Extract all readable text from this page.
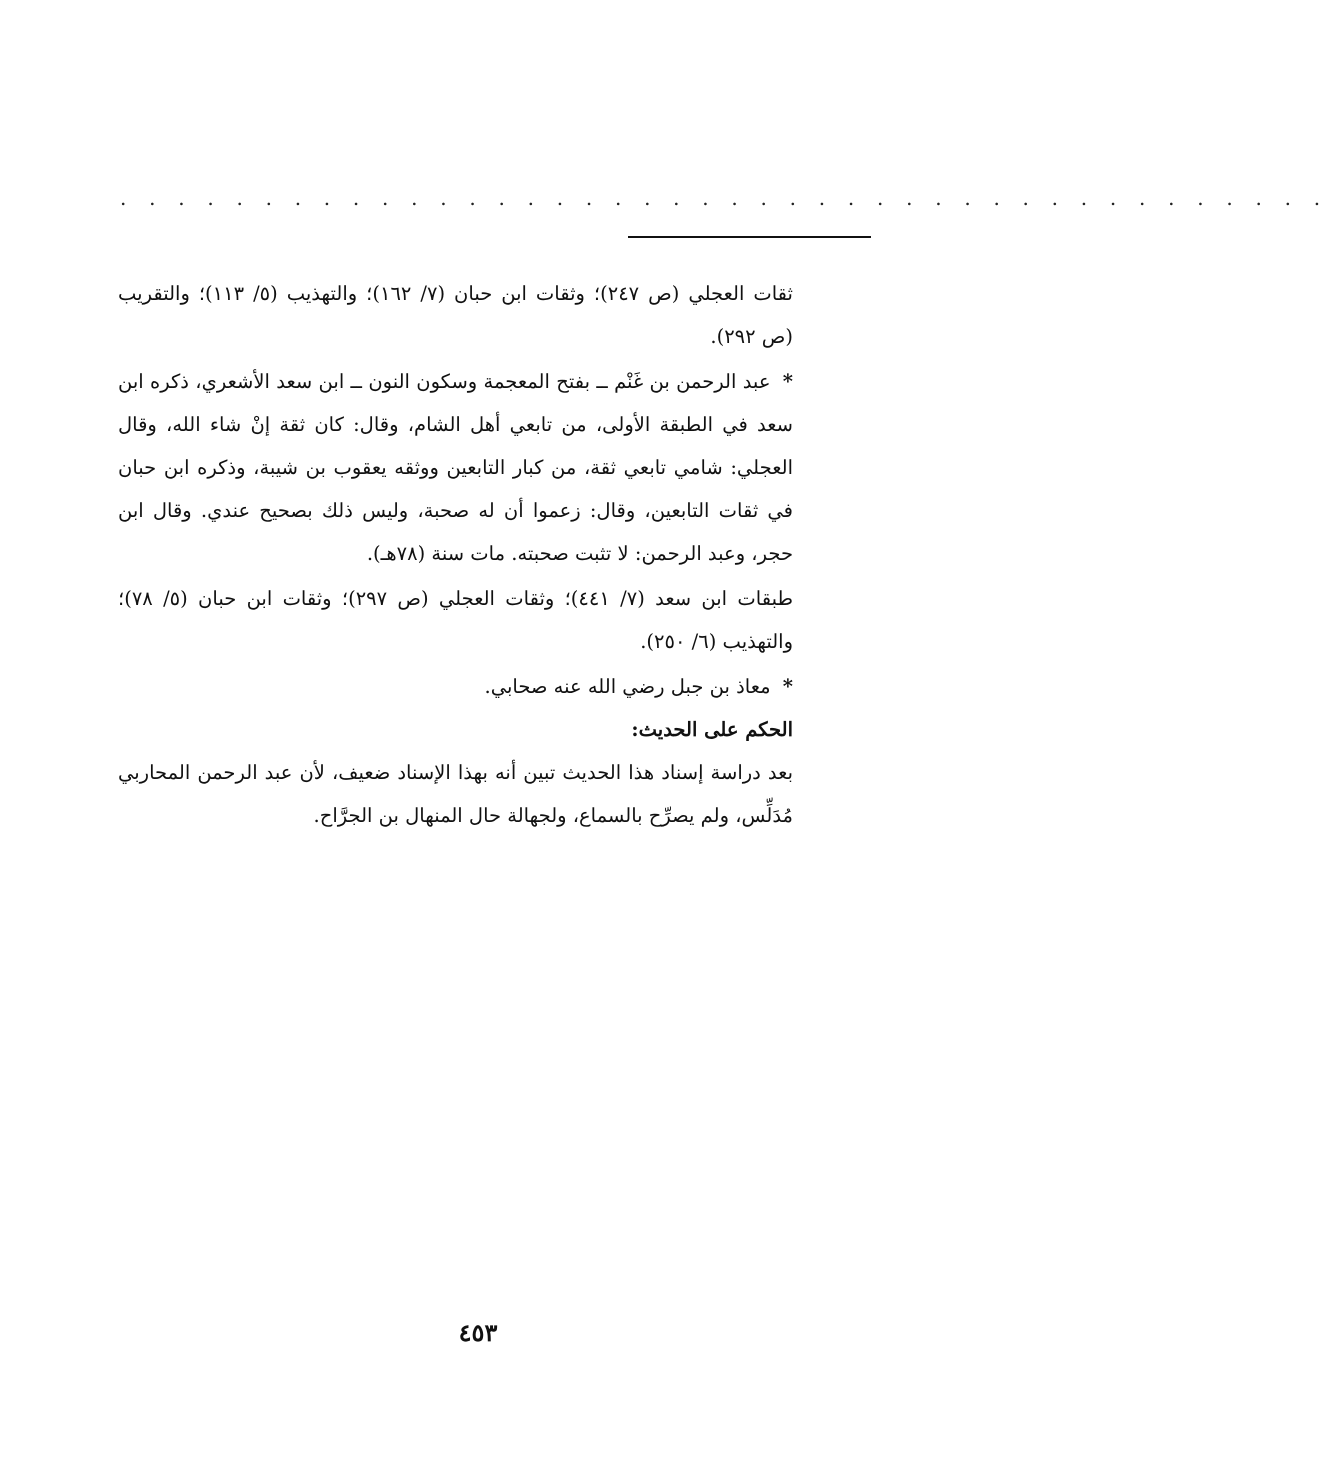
. . . . . . . . . . . . . . . . . . . . . . . . . . . . . . . . . . . . . . . . . .

ثقات العجلي (ص ٢٤٧)؛ وثقات ابن حبان (٧/ ١٦٢)؛ والتهذيب (٥/ ١١٣)؛ والتقريب (ص ٢٩٢).

* عبد الرحمن بن غَنْم ــ بفتح المعجمة وسكون النون ــ ابن سعد الأشعري، ذكره ابن سعد في الطبقة الأولى، من تابعي أهل الشام، وقال: كان ثقة إنْ شاء الله، وقال العجلي: شامي تابعي ثقة، من كبار التابعين ووثقه يعقوب بن شيبة، وذكره ابن حبان في ثقات التابعين، وقال: زعموا أن له صحبة، وليس ذلك بصحيح عندي. وقال ابن حجر، وعبد الرحمن: لا تثبت صحبته. مات سنة (٧٨هـ).

طبقات ابن سعد (٧/ ٤٤١)؛ وثقات العجلي (ص ٢٩٧)؛ وثقات ابن حبان (٥/ ٧٨)؛ والتهذيب (٦/ ٢٥٠).

* معاذ بن جبل رضي الله عنه صحابي.

الحكم على الحديث:

بعد دراسة إسناد هذا الحديث تبين أنه بهذا الإسناد ضعيف، لأن عبد الرحمن المحاربي مُدَلِّس، ولم يصرِّح بالسماع، ولجهالة حال المنهال بن الجرَّاح.

٤٥٣
